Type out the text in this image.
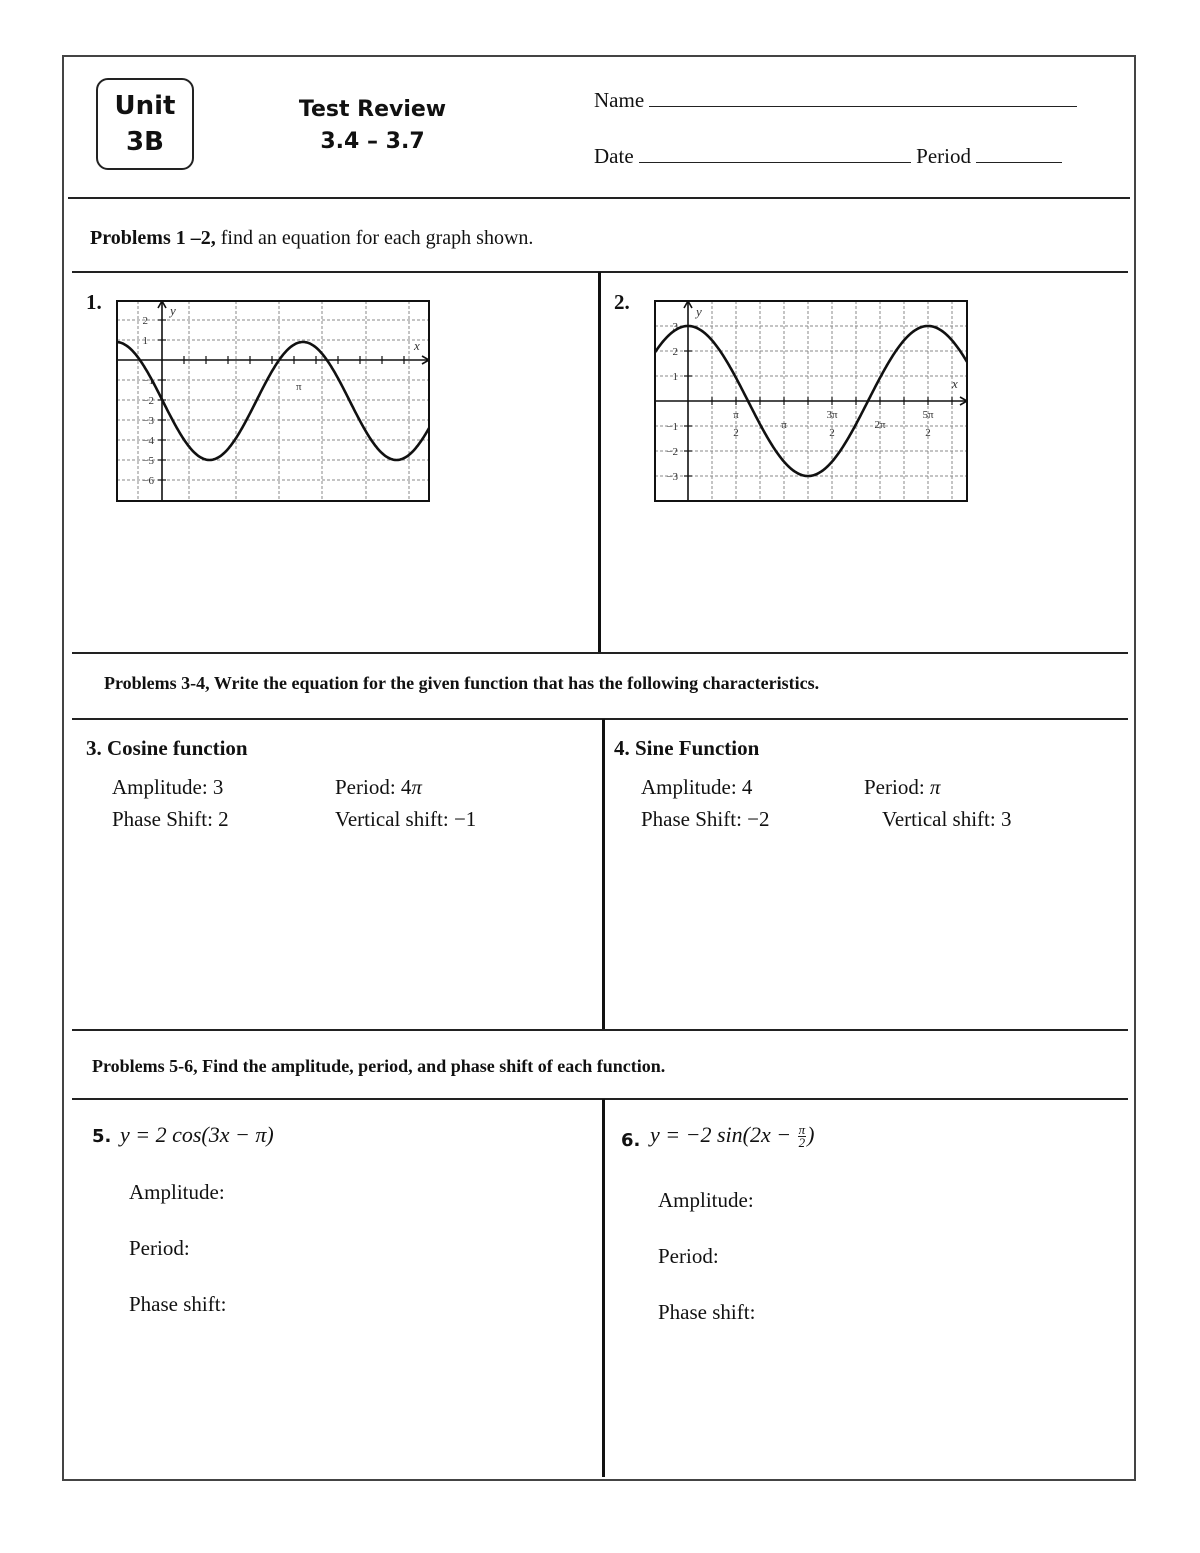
Unit
3B
Test Review
3.4 – 3.7
Name
Date	Period
Problems 1 –2, find an equation for each graph shown.
1.	2.
y
x
π
2
1
−1
−2
−3
−4
−5
−6
y
x
3
2
1
−1
−2
−3
π
2
π
3π
2
2π
5π
2
Problems 3-4, Write the equation for the given function that has the following characteristics.
3. Cosine function
Amplitude: 3	Period: 4π
Phase Shift: 2	Vertical shift: −1
4. Sine Function
Amplitude: 4	Period: π
Phase Shift: −2	Vertical shift: 3
Problems 5-6, Find the amplitude, period, and phase shift of each function.
5. y = 2 cos(3x − π)
Amplitude:
Period:
Phase shift:
6. y = −2 $\sin(2x - \frac{\pi}{2}$ )
Amplitude:
Period:
Phase shift:
